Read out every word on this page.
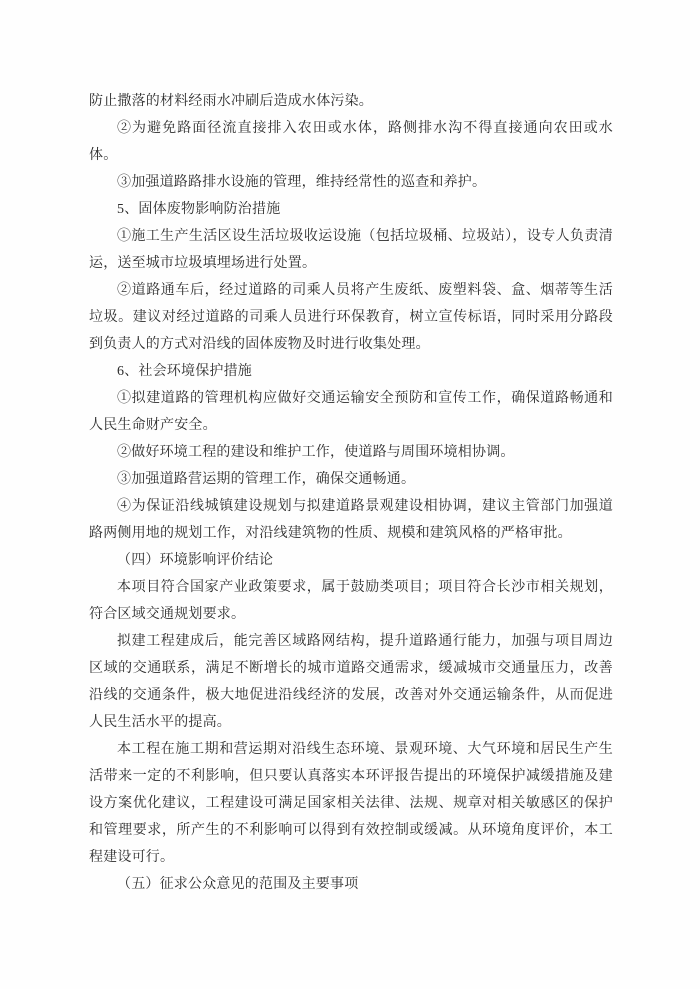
防止撒落的材料经雨水冲刷后造成水体污染。

②为避免路面径流直接排入农田或水体，路侧排水沟不得直接通向农田或水体。

③加强道路路排水设施的管理，维持经常性的巡查和养护。

5、固体废物影响防治措施

①施工生产生活区设生活垃圾收运设施（包括垃圾桶、垃圾站），设专人负责清运，送至城市垃圾填埋场进行处置。

②道路通车后，经过道路的司乘人员将产生废纸、废塑料袋、盒、烟蒂等生活垃圾。建议对经过道路的司乘人员进行环保教育，树立宣传标语，同时采用分路段到负责人的方式对沿线的固体废物及时进行收集处理。

6、社会环境保护措施

①拟建道路的管理机构应做好交通运输安全预防和宣传工作，确保道路畅通和人民生命财产安全。

②做好环境工程的建设和维护工作，使道路与周围环境相协调。

③加强道路营运期的管理工作，确保交通畅通。

④为保证沿线城镇建设规划与拟建道路景观建设相协调，建议主管部门加强道路两侧用地的规划工作，对沿线建筑物的性质、规模和建筑风格的严格审批。

（四）环境影响评价结论

本项目符合国家产业政策要求，属于鼓励类项目；项目符合长沙市相关规划，符合区域交通规划要求。

拟建工程建成后，能完善区域路网结构，提升道路通行能力，加强与项目周边区域的交通联系，满足不断增长的城市道路交通需求，缓减城市交通量压力，改善沿线的交通条件，极大地促进沿线经济的发展，改善对外交通运输条件，从而促进人民生活水平的提高。

本工程在施工期和营运期对沿线生态环境、景观环境、大气环境和居民生产生活带来一定的不利影响，但只要认真落实本环评报告提出的环境保护减缓措施及建设方案优化建议，工程建设可满足国家相关法律、法规、规章对相关敏感区的保护和管理要求，所产生的不利影响可以得到有效控制或缓减。从环境角度评价，本工程建设可行。

（五）征求公众意见的范围及主要事项
